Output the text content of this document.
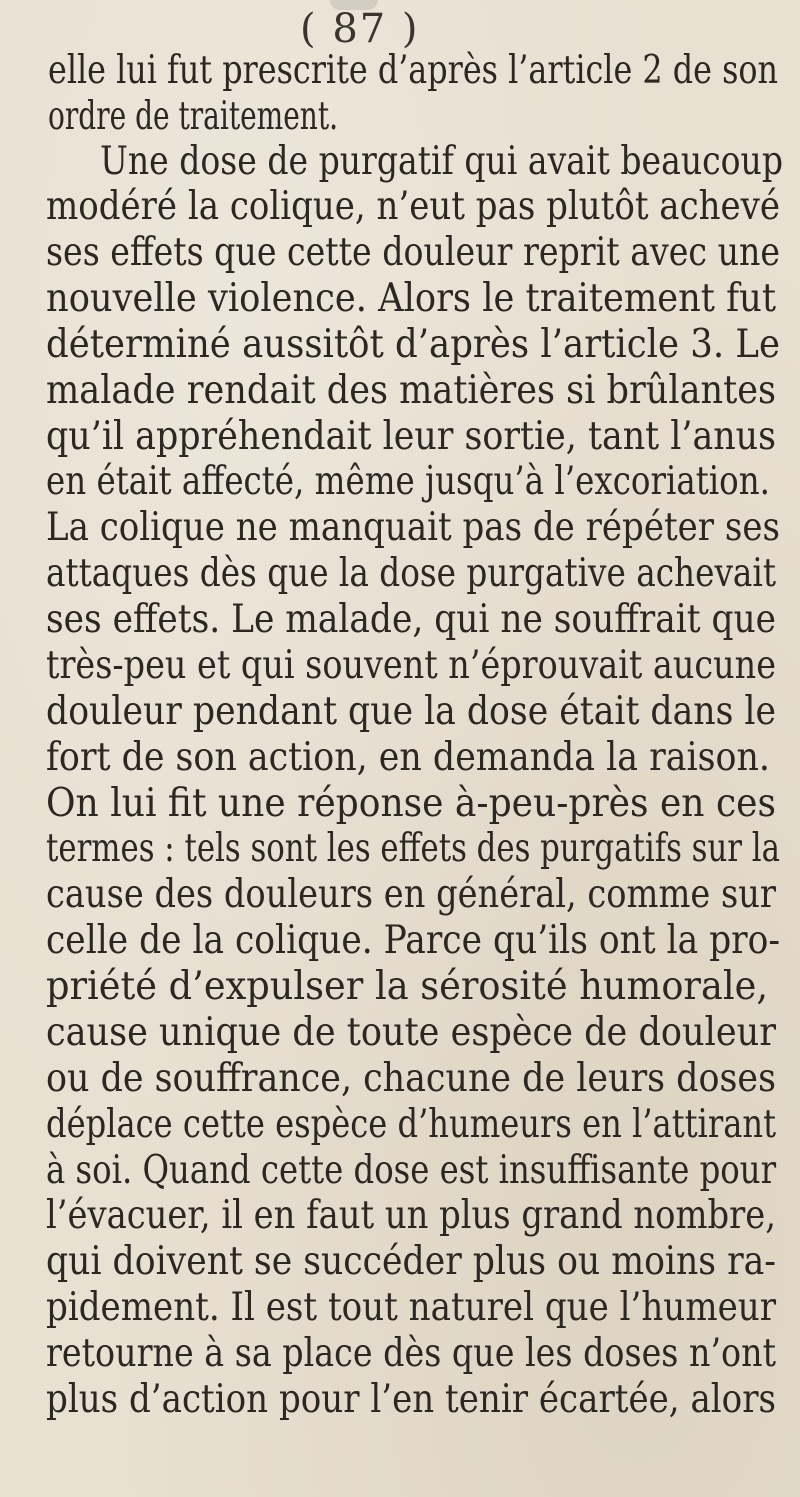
( 87 )
elle lui fut prescrite d’après l’article 2 de son
ordre de traitement.
Une dose de purgatif qui avait beaucoup
modéré la colique, n’eut pas plutôt achevé
ses effets que cette douleur reprit avec une
nouvelle violence. Alors le traitement fut
déterminé aussitôt d’après l’article 3. Le
malade rendait des matières si brûlantes
qu’il appréhendait leur sortie, tant l’anus
en était affecté, même jusqu’à l’excoriation.
La colique ne manquait pas de répéter ses
attaques dès que la dose purgative achevait
ses effets. Le malade, qui ne souffrait que
très-peu et qui souvent n’éprouvait aucune
douleur pendant que la dose était dans le
fort de son action, en demanda la raison.
On lui fit une réponse à-peu-près en ces
termes : tels sont les effets des purgatifs sur la
cause des douleurs en général, comme sur
celle de la colique. Parce qu’ils ont la pro-
priété d’expulser la sérosité humorale,
cause unique de toute espèce de douleur
ou de souffrance, chacune de leurs doses
déplace cette espèce d’humeurs en l’attirant
à soi. Quand cette dose est insuffisante pour
l’évacuer, il en faut un plus grand nombre,
qui doivent se succéder plus ou moins ra-
pidement. Il est tout naturel que l’humeur
retourne à sa place dès que les doses n’ont
plus d’action pour l’en tenir écartée, alors
